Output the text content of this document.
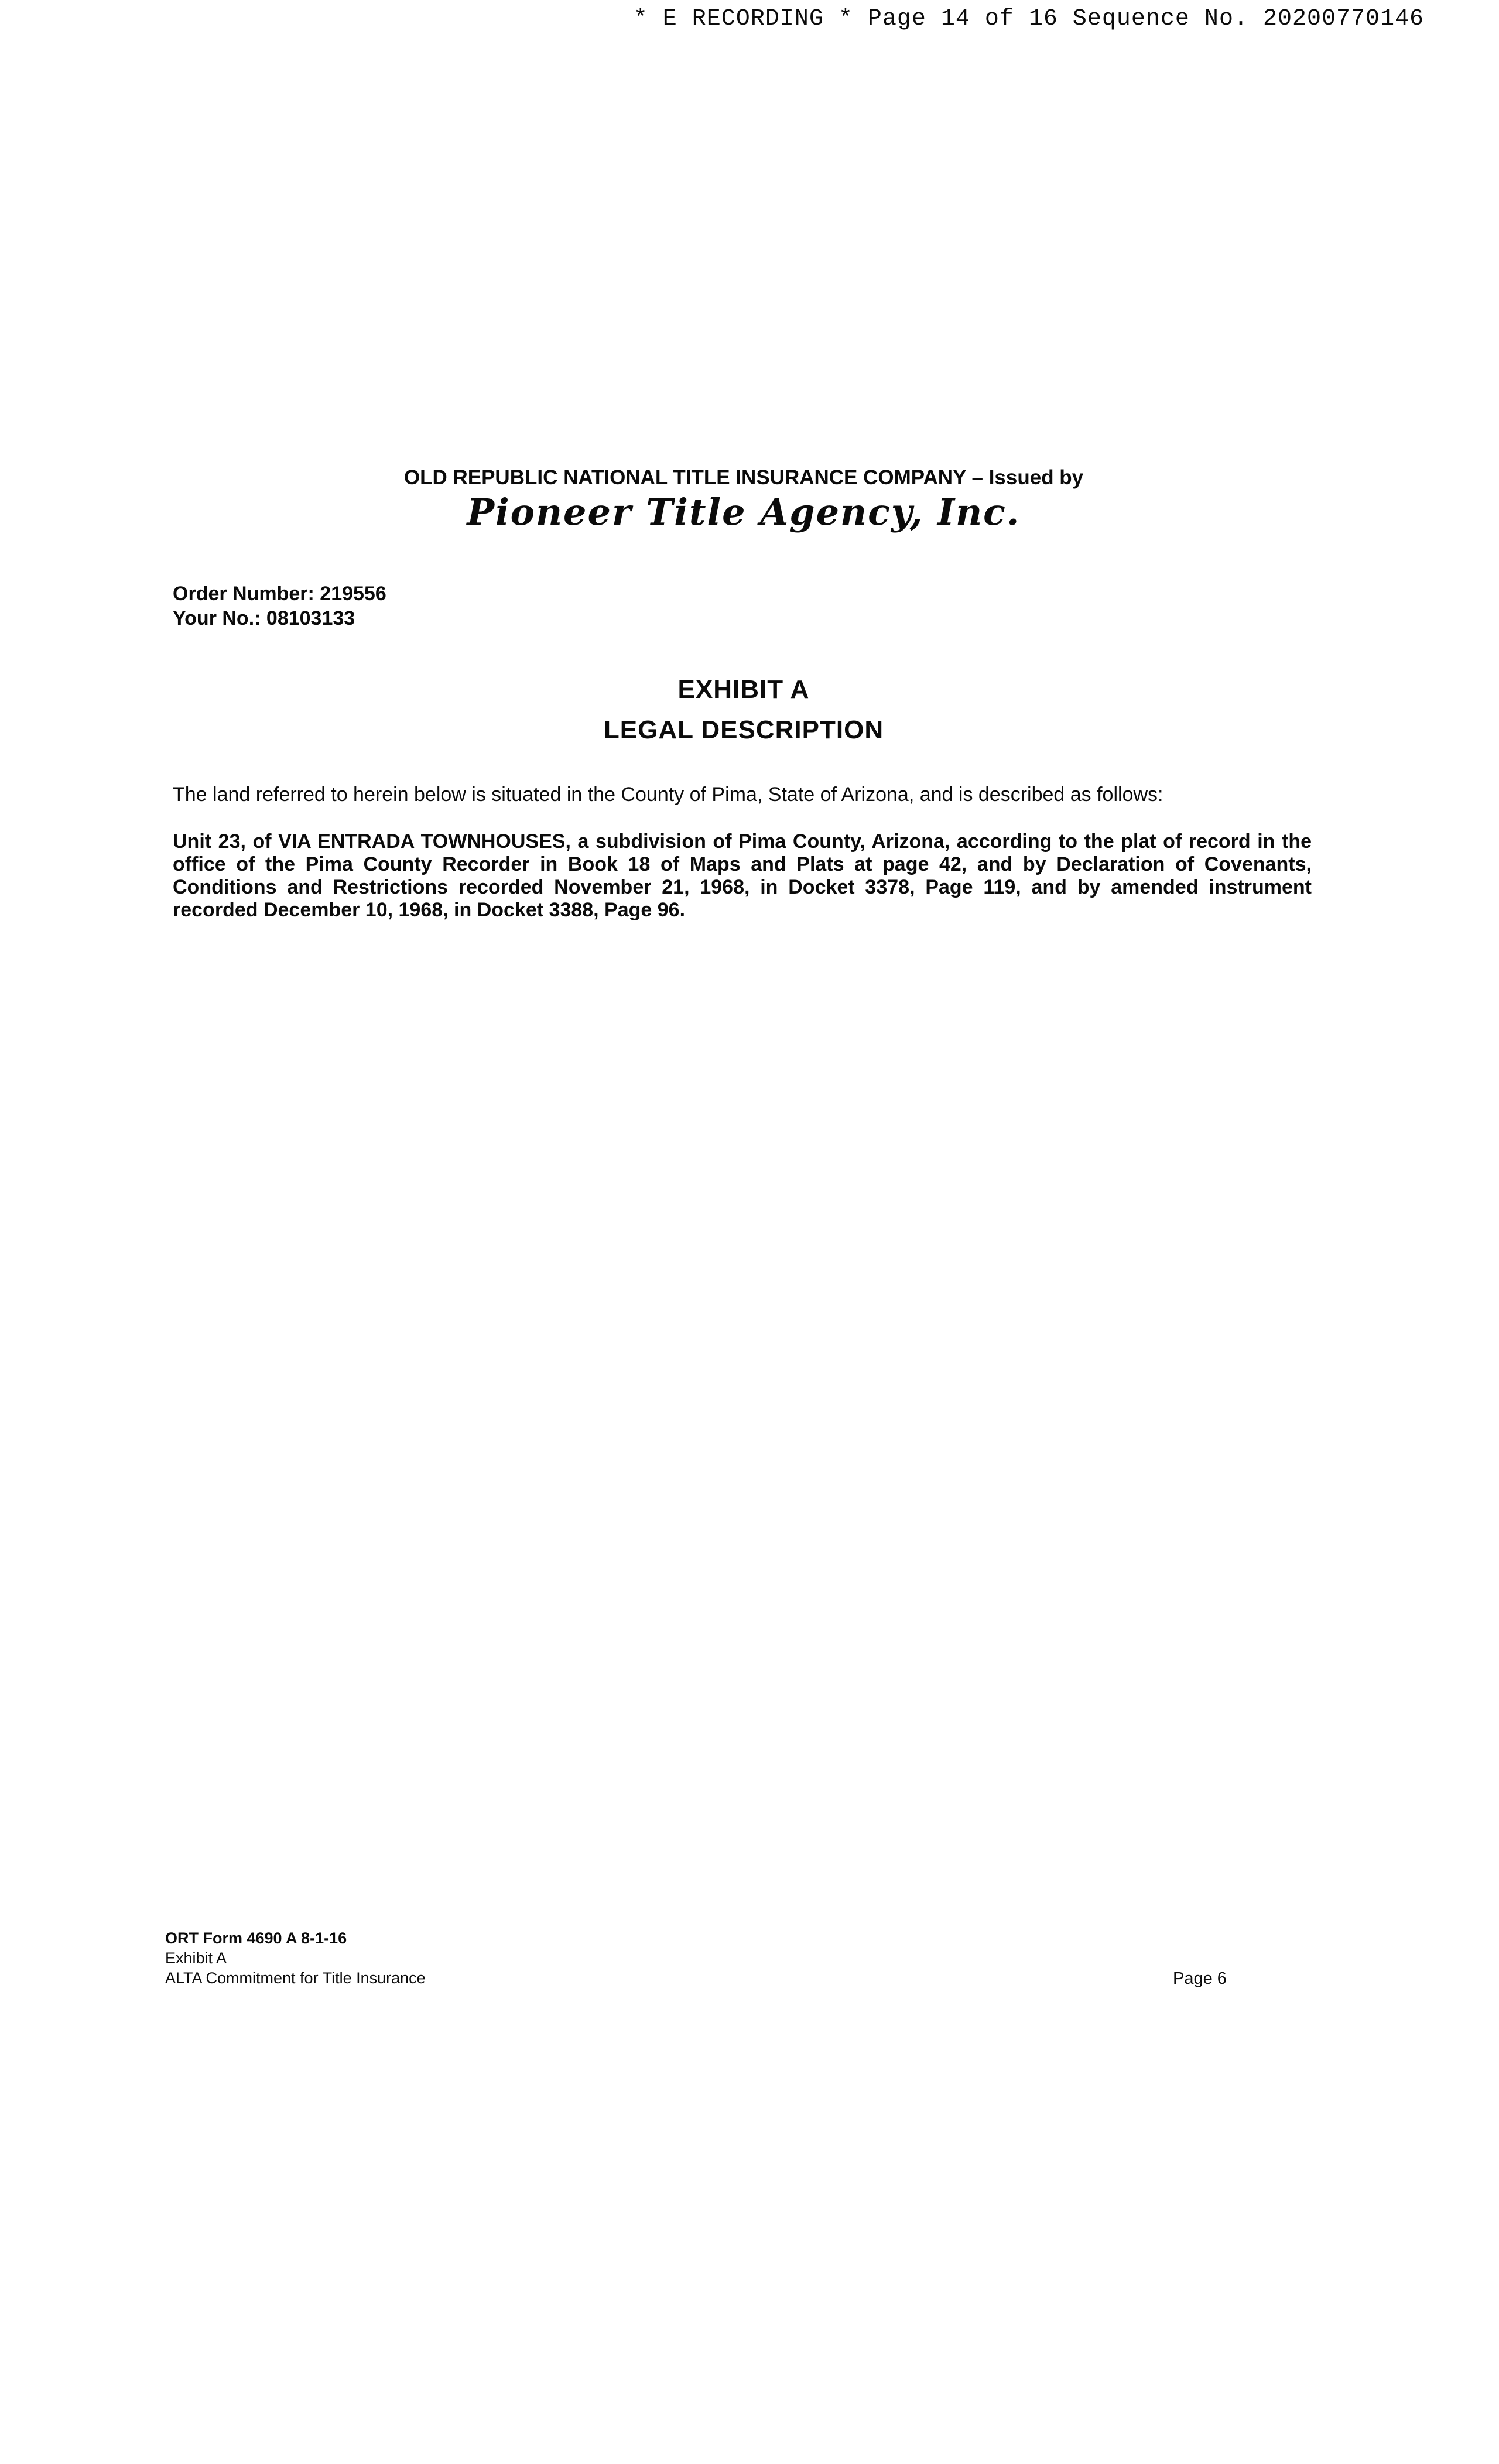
* E RECORDING * Page 14 of 16 Sequence No. 20200770146
OLD REPUBLIC NATIONAL TITLE INSURANCE COMPANY – Issued by
Pioneer Title Agency, Inc.
Order Number: 219556
Your No.: 08103133
EXHIBIT A
LEGAL DESCRIPTION
The land referred to herein below is situated in the County of Pima, State of Arizona, and is described as follows:
Unit 23, of VIA ENTRADA TOWNHOUSES, a subdivision of Pima County, Arizona, according to the plat of record in the office of the Pima County Recorder in Book 18 of Maps and Plats at page 42, and by Declaration of Covenants, Conditions and Restrictions recorded November 21, 1968, in Docket 3378, Page 119, and by amended instrument recorded December 10, 1968, in Docket 3388, Page 96.
ORT Form 4690 A 8-1-16
Exhibit A
ALTA Commitment for Title Insurance	Page 6
